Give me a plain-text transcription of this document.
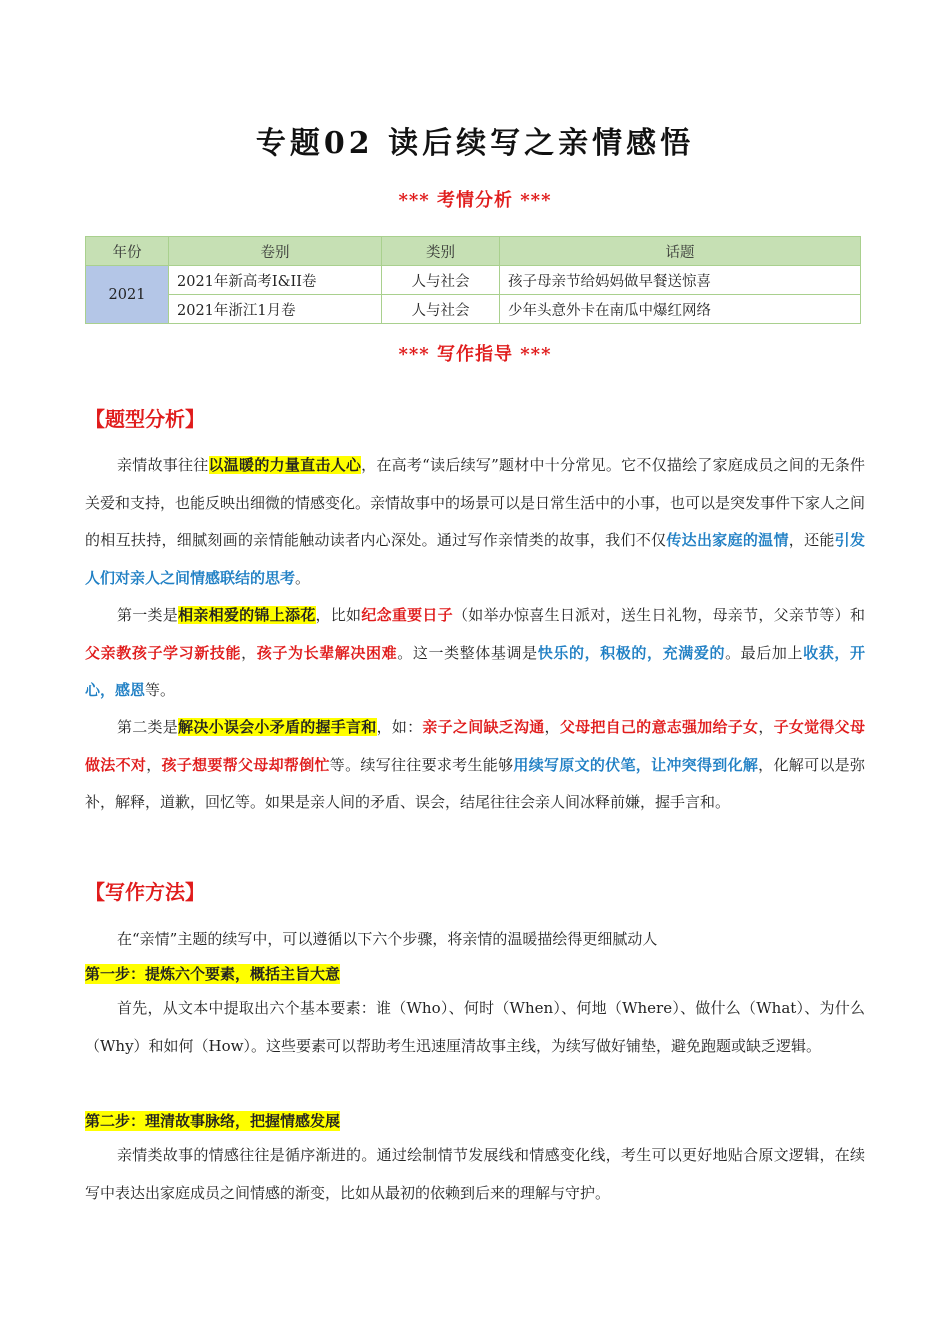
专题02 读后续写之亲情感悟
*** 考情分析 ***
年份	卷别	类别	话题
2021	2021年新高考I&II卷	人与社会	孩子母亲节给妈妈做早餐送惊喜
	2021年浙江1月卷	人与社会	少年头意外卡在南瓜中爆红网络
*** 写作指导 ***
【题型分析】

亲情故事往往以温暖的力量直击人心，在高考“读后续写”题材中十分常见。它不仅描绘了家庭成员之间的无条件关爱和支持，也能反映出细微的情感变化。亲情故事中的场景可以是日常生活中的小事，也可以是突发事件下家人之间的相互扶持，细腻刻画的亲情能触动读者内心深处。通过写作亲情类的故事，我们不仅传达出家庭的温情，还能引发人们对亲人之间情感联结的思考。

第一类是相亲相爱的锦上添花，比如纪念重要日子（如举办惊喜生日派对，送生日礼物，母亲节，父亲节等）和父亲教孩子学习新技能，孩子为长辈解决困难。这一类整体基调是快乐的，积极的，充满爱的。最后加上收获，开心，感恩等。

第二类是解决小误会小矛盾的握手言和，如：亲子之间缺乏沟通，父母把自己的意志强加给子女，子女觉得父母做法不对，孩子想要帮父母却帮倒忙等。续写往往要求考生能够用续写原文的伏笔，让冲突得到化解，化解可以是弥补，解释，道歉，回忆等。如果是亲人间的矛盾、误会，结尾往往会亲人间冰释前嫌，握手言和。

【写作方法】

在“亲情”主题的续写中，可以遵循以下六个步骤，将亲情的温暖描绘得更细腻动人

第一步：提炼六个要素，概括主旨大意

首先，从文本中提取出六个基本要素：谁（Who）、何时（When）、何地（Where）、做什么（What）、为什么（Why）和如何（How）。这些要素可以帮助考生迅速厘清故事主线，为续写做好铺垫，避免跑题或缺乏逻辑。

第二步：理清故事脉络，把握情感发展

亲情类故事的情感往往是循序渐进的。通过绘制情节发展线和情感变化线，考生可以更好地贴合原文逻辑，在续写中表达出家庭成员之间情感的渐变，比如从最初的依赖到后来的理解与守护。
